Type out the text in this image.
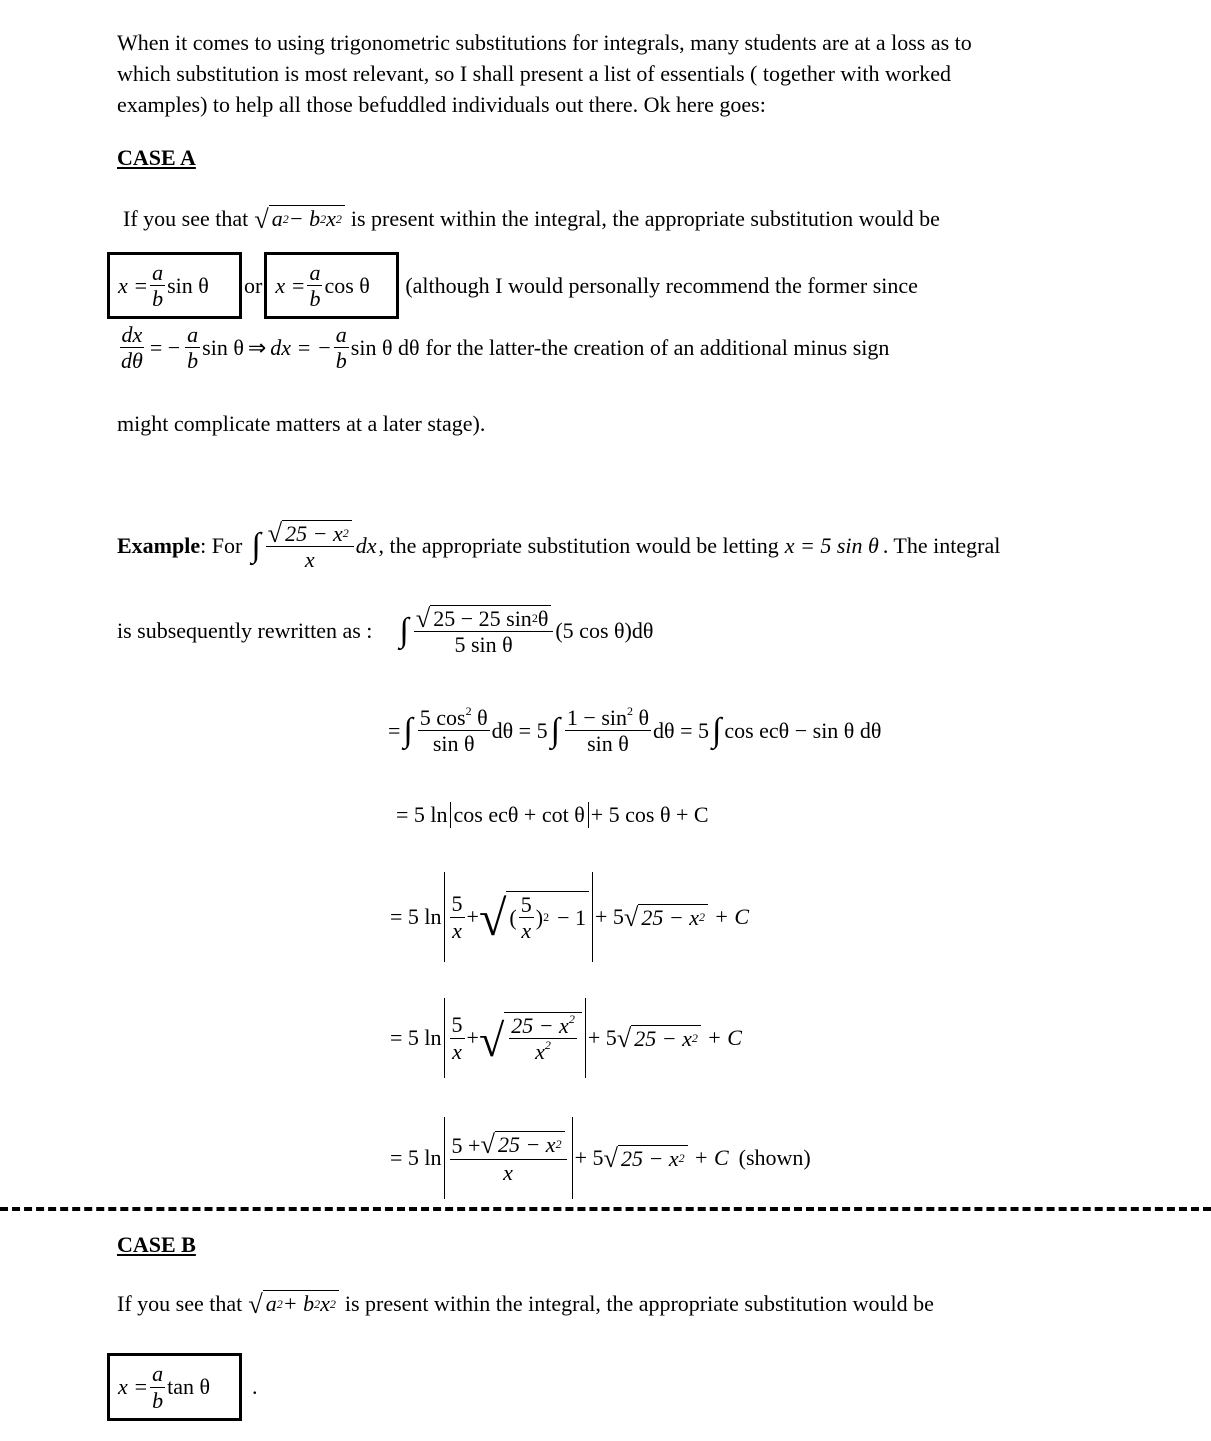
When it comes to using trigonometric substitutions for integrals, many students are at a loss as to
which substitution is most relevant, so I shall present a list of essentials ( together with worked
examples) to help all those befuddled individuals out there. Ok here goes:
CASE A
If you see that √ a 2 − b 2 x 2 is present within the integral, the appropriate substitution would be
$x = \frac{a}{b}$ sin θ or $x = \frac{a}{b}$ cos θ (although I would personally recommend the former since
$\frac{dx}{d\theta}$ = − $\frac{a}{b}$ sin θ ⇒ dx = − $\frac{a}{b}$ sin θ dθ for the latter-the creation of an additional minus sign
might complicate matters at a later stage).
Example : For ∫ $\frac{√ 25 - x 2}{x}$ dx , the appropriate substitution would be letting x = 5 sin θ . The integral
is subsequently rewritten as : ∫ $\frac{√ 25 - 25 \sin 2 \theta}{\text{5 sin θ}} (5$ cos θ)dθ
= ∫ $\frac{5 \cos^2 \theta}{\text{sin θ}}$ dθ = 5 ∫ $\frac{1 - \sin^2 \theta}{\text{sin θ}}$ dθ = 5 ∫ cos ecθ − sin θ dθ
= 5 ln cos ecθ + cot θ + 5 cos θ + C
= 5 $\ln \frac{5}{x}$ + √ ( $\frac{5}{x}$ ) 2 − 1 + 5 √ 25 − x 2 + C
= 5 $\ln \frac{5}{x}$ + √ $\frac{25 - x^2}{x^2} + 5$ √ 25 − x 2 + C
= 5 $\ln \frac{5 + √ 25 - x 2}{x} + 5$ √ 25 − x 2 + C (shown)
CASE B
If you see that √ a 2 + b 2 x 2 is present within the integral, the appropriate substitution would be
$x = \frac{a}{b}$ tan θ .
